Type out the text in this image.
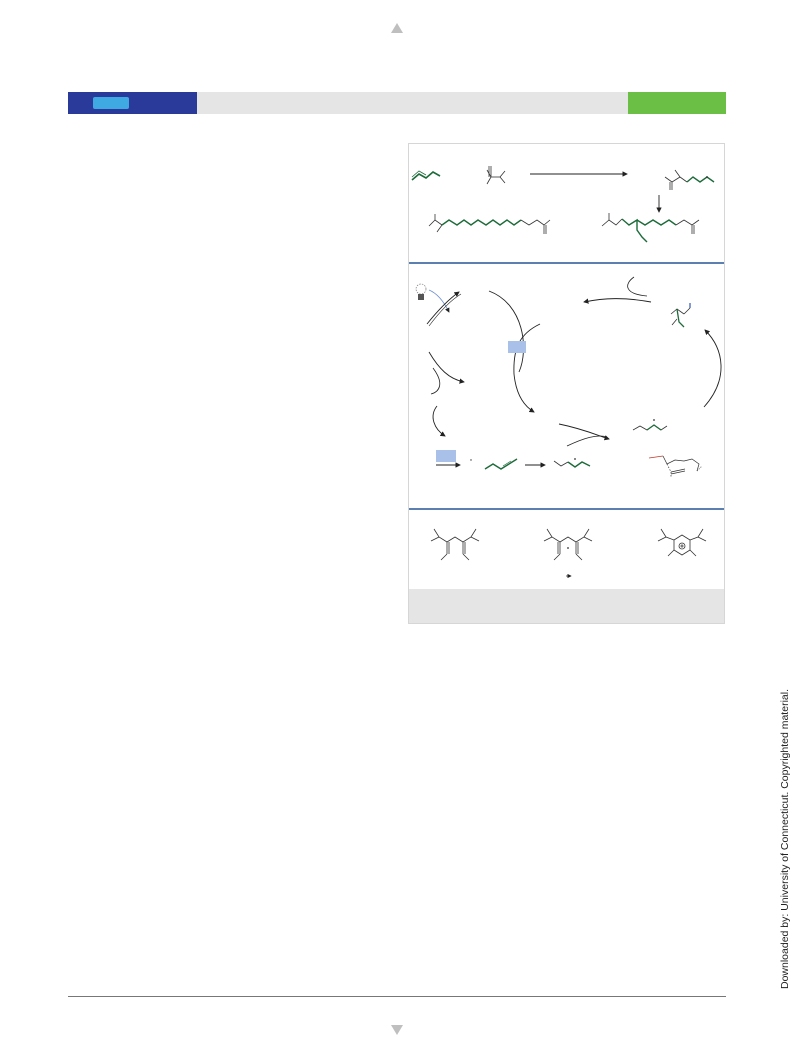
Downloaded by: University of Connecticut. Copyrighted material.
